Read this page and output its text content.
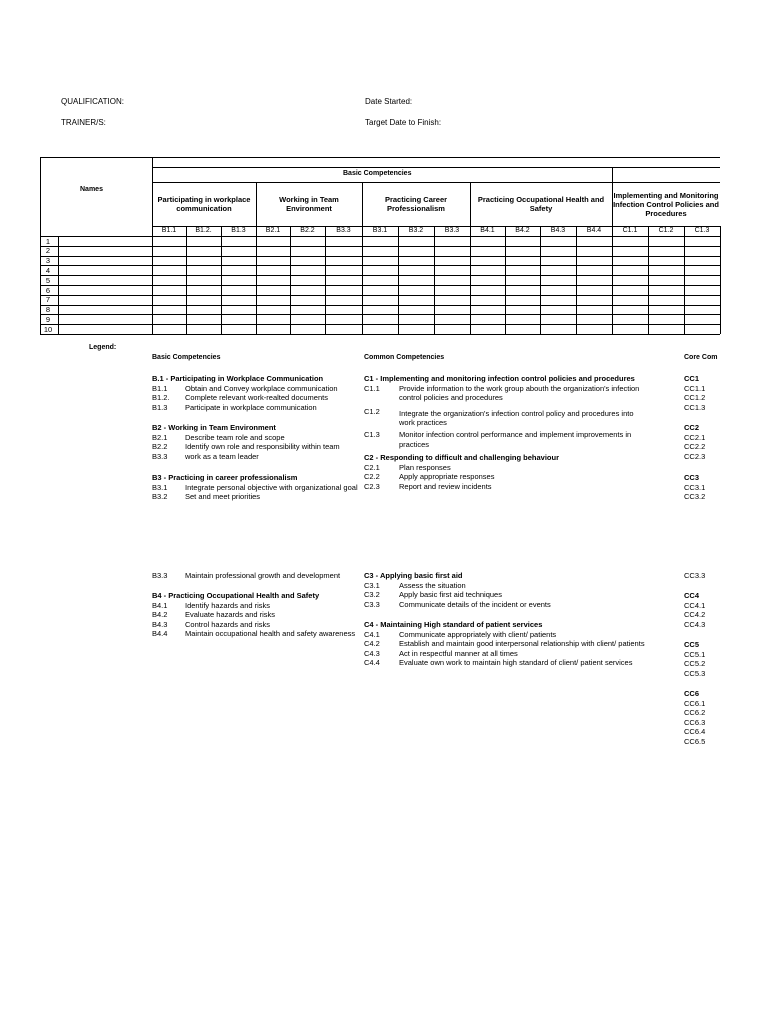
QUALIFICATION:
TRAINER/S:
Date Started:
Target Date to Finish:
Participating in workplace communication
B1.1	B1.2.	B1.3
Working in Team Environment
B2.1	B2.2	B3.3
Practicing Career Professionalism
B3.1	B3.2	B3.3
Practicing Occupational Health and Safety
B4.1	B4.2	B4.3	B4.4
Implementing and Monitoring Infection Control Policies and Procedures
C1.1	C1.2	C1.3
1
2
3
4
5
6
7
8
9
10
Names
Basic Competencies
Legend:
Basic Competencies	Common Competencies	Core Com
B.1 - Participating in Workplace Communication
B1.1	Obtain and Convey workplace communication
B1.2.	Complete relevant work-realted documents
B1.3	Participate in workplace communication
B2 - Working in Team Environment
B2.1	Describe team role and scope
B2.2	Identify own role and responsibility within team
B3.3	work as a team leader
B3 - Practicing in career professionalism
B3.1	Integrate personal objective with organizational goal
B3.2	Set and meet priorities
B3.3	Maintain professional growth and development
B4 - Practicing Occupational Health and Safety
B4.1	Identify hazards and risks
B4.2	Evaluate hazards and risks
B4.3	Control hazards and risks
B4.4	Maintain occupational health and safety awareness
C1 - Implementing and monitoring infection control policies and procedures
C1.1	Provide information to the work group abouth the organization's infection control policies and procedures
C1.2	Integrate the organization's infection control policy and procedures into work practices
C1.3	Monitor infection control performance and implement improvements in practices
C2 - Responding to difficult and challenging behaviour
C2.1	Plan responses
C2.2	Apply appropriate responses
C2.3	Report and review incidents
C3 - Applying basic first aid
C3.1	Assess the situation
C3.2	Apply basic first aid techniques
C3.3	Communicate details of the incident or events
C4 - Maintaining High standard of patient services
C4.1	Communicate appropriately with client/ patients
C4.2	Establish and maintain good interpersonal relationship with client/ patients
C4.3	Act in respectful manner at all times
C4.4	Evaluate own work to maintain high standard of client/ patient services
CC1
CC1.1
CC1.2
CC1.3
CC2
CC2.1
CC2.2
CC2.3
CC3
CC3.1
CC3.2
CC3.3
CC4
CC4.1
CC4.2
CC4.3
CC5
CC5.1
CC5.2
CC5.3
CC6
CC6.1
CC6.2
CC6.3
CC6.4
CC6.5
